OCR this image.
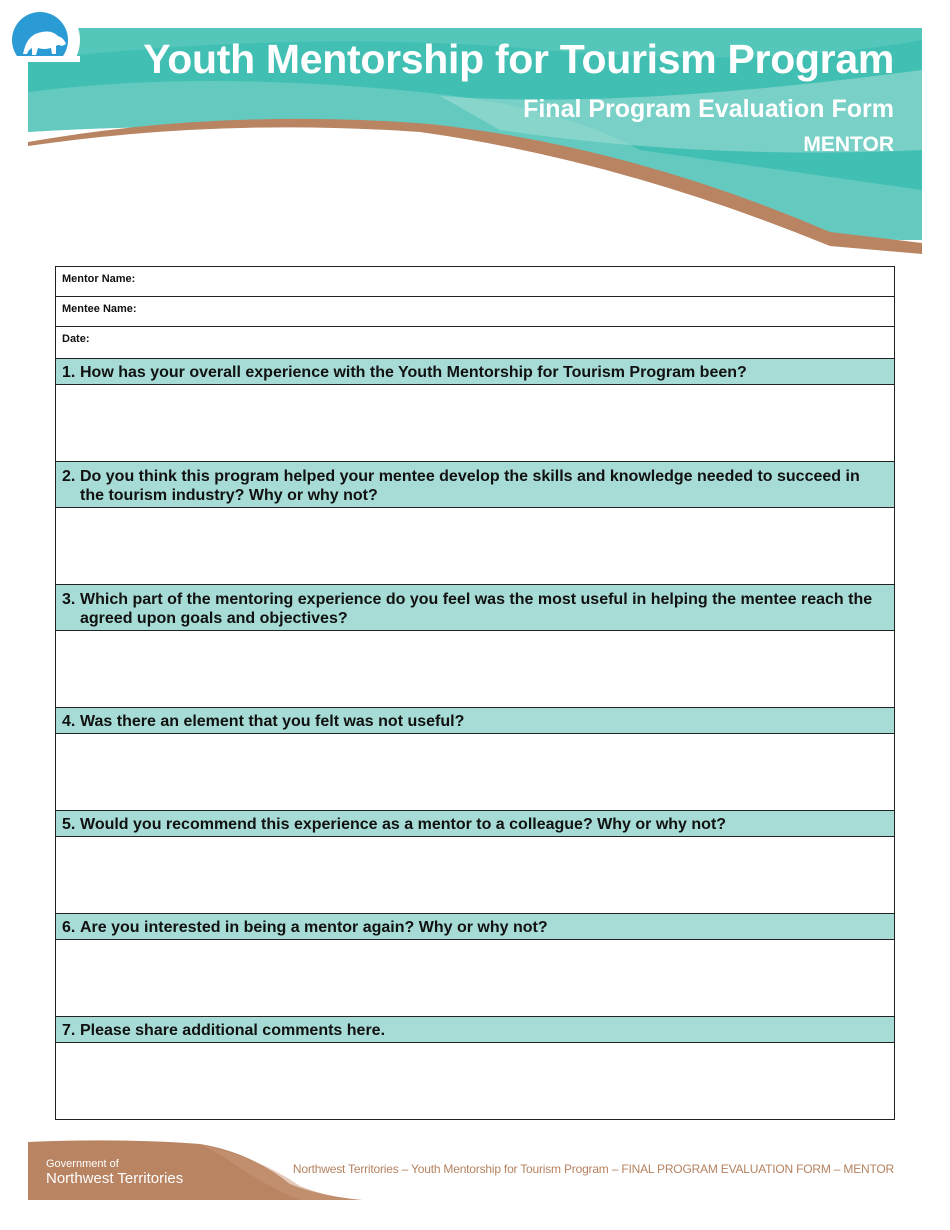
Youth Mentorship for Tourism Program
Final Program Evaluation Form
MENTOR
Mentor Name:
Mentee Name:
Date:
1. How has your overall experience with the Youth Mentorship for Tourism Program been?
2. Do you think this program helped your mentee develop the skills and knowledge needed to succeed in the tourism industry? Why or why not?
3. Which part of the mentoring experience do you feel was the most useful in helping the mentee reach the agreed upon goals and objectives?
4. Was there an element that you felt was not useful?
5. Would you recommend this experience as a mentor to a colleague? Why or why not?
6. Are you interested in being a mentor again? Why or why not?
7. Please share additional comments here.
Government of
Northwest Territories
Northwest Territories – Youth Mentorship for Tourism Program – FINAL PROGRAM EVALUATION FORM – MENTOR
